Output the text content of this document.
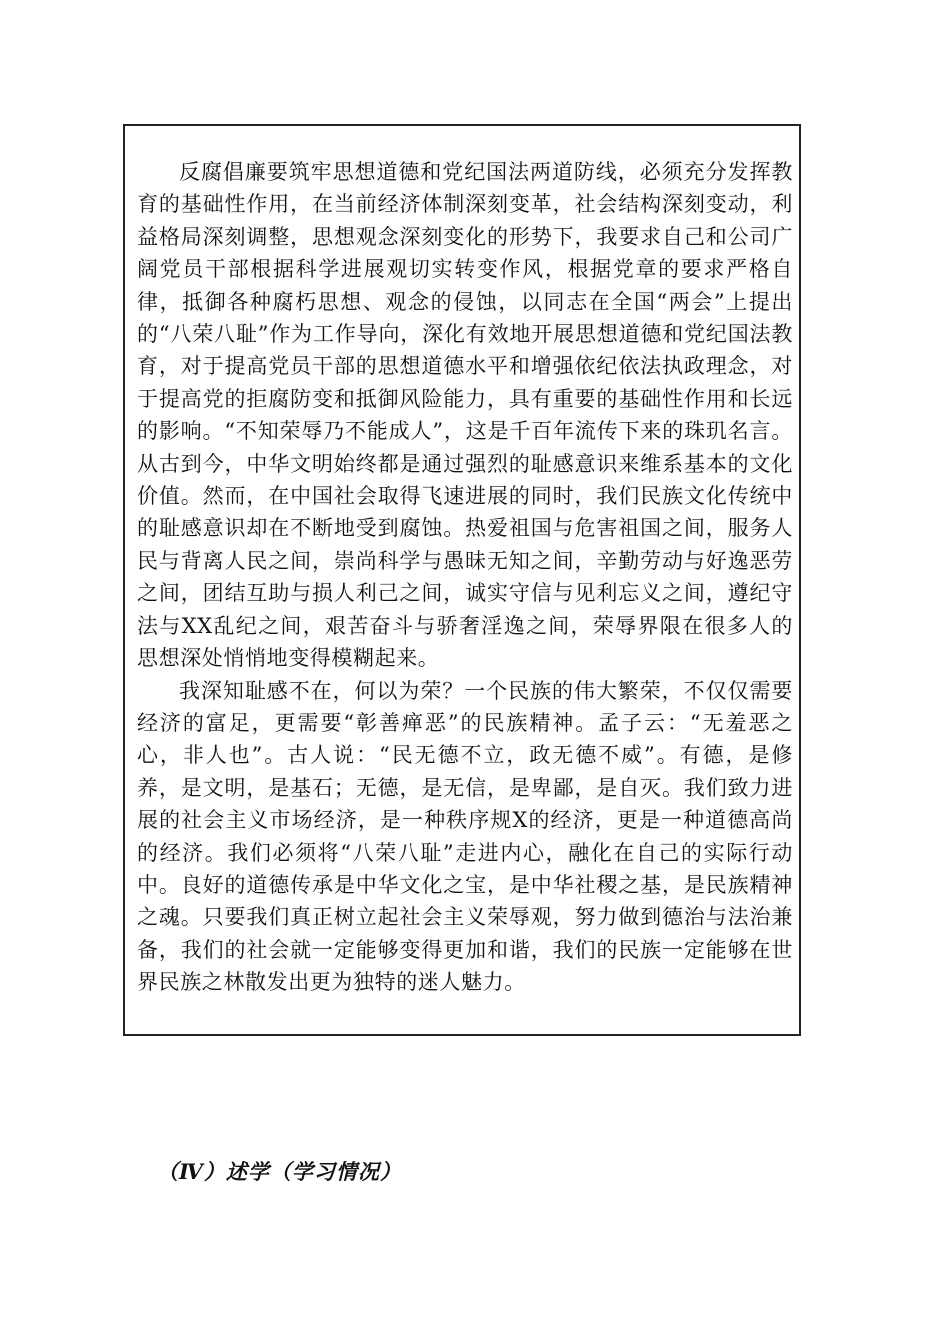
反腐倡廉要筑牢思想道德和党纪国法两道防线，必须充分发挥教育的基础性作用，在当前经济体制深刻变革，社会结构深刻变动，利益格局深刻调整，思想观念深刻变化的形势下，我要求自己和公司广阔党员干部根据科学进展观切实转变作风，根据党章的要求严格自律，抵御各种腐朽思想、观念的侵蚀，以同志在全国“两会”上提出的“八荣八耻”作为工作导向，深化有效地开展思想道德和党纪国法教育，对于提高党员干部的思想道德水平和增强依纪依法执政理念，对于提高党的拒腐防变和抵御风险能力，具有重要的基础性作用和长远的影响。“不知荣辱乃不能成人”，这是千百年流传下来的珠玑名言。从古到今，中华文明始终都是通过强烈的耻感意识来维系基本的文化价值。然而，在中国社会取得飞速进展的同时，我们民族文化传统中的耻感意识却在不断地受到腐蚀。热爱祖国与危害祖国之间，服务人民与背离人民之间，崇尚科学与愚昧无知之间，辛勤劳动与好逸恶劳之间，团结互助与损人利己之间，诚实守信与见利忘义之间，遵纪守法与XX乱纪之间，艰苦奋斗与骄奢淫逸之间，荣辱界限在很多人的思想深处悄悄地变得模糊起来。

我深知耻感不在，何以为荣？一个民族的伟大繁荣，不仅仅需要经济的富足，更需要“彰善瘅恶”的民族精神。孟子云：“无羞恶之心，非人也”。古人说：“民无德不立，政无德不威”。有德，是修养，是文明，是基石；无德，是无信，是卑鄙，是自灭。我们致力进展的社会主义市场经济，是一种秩序规X的经济，更是一种道德高尚的经济。我们必须将“八荣八耻”走进内心，融化在自己的实际行动中。良好的道德传承是中华文化之宝，是中华社稷之基，是民族精神之魂。只要我们真正树立起社会主义荣辱观，努力做到德治与法治兼备，我们的社会就一定能够变得更加和谐，我们的民族一定能够在世界民族之林散发出更为独特的迷人魅力。

（Ⅳ）述学（学习情况）
